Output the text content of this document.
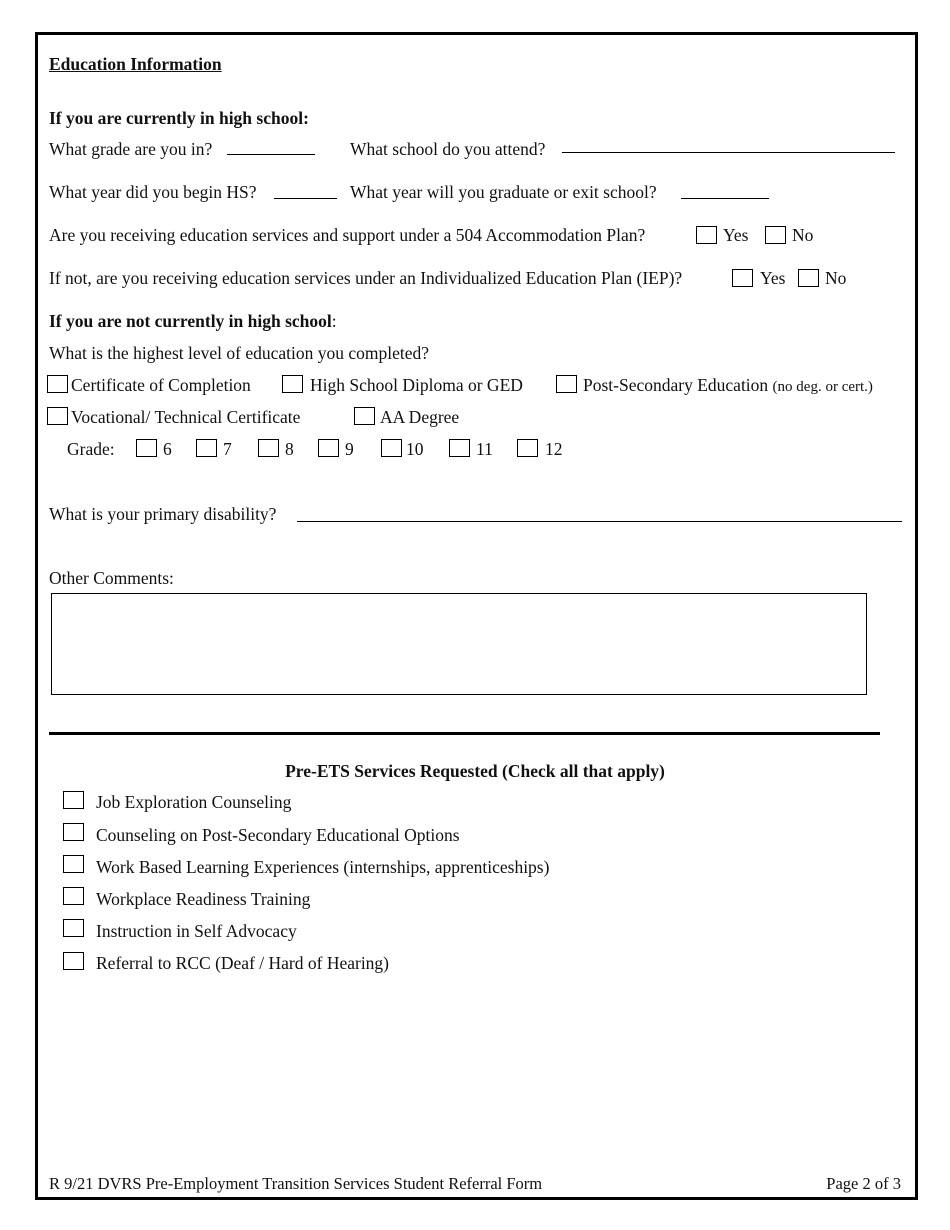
Education Information
If you are currently in high school:
What grade are you in?	What school do you attend?
What year did you begin HS?	What year will you graduate or exit school?
Are you receiving education services and support under a 504 Accommodation Plan?	Yes No
If not, are you receiving education services under an Individualized Education Plan (IEP)?	Yes No
If you are not currently in high school:
What is the highest level of education you completed?
Certificate of Completion	High School Diploma or GED	Post-Secondary Education (no deg. or cert.)
Vocational/ Technical Certificate	AA Degree
Grade:	6	7	8	9	10	11	12
What is your primary disability?
Other Comments:
Pre-ETS Services Requested (Check all that apply)
Job Exploration Counseling
Counseling on Post-Secondary Educational Options
Work Based Learning Experiences (internships, apprenticeships)
Workplace Readiness Training
Instruction in Self Advocacy
Referral to RCC (Deaf / Hard of Hearing)
R 9/21 DVRS Pre-Employment Transition Services Student Referral Form	Page 2 of 3
